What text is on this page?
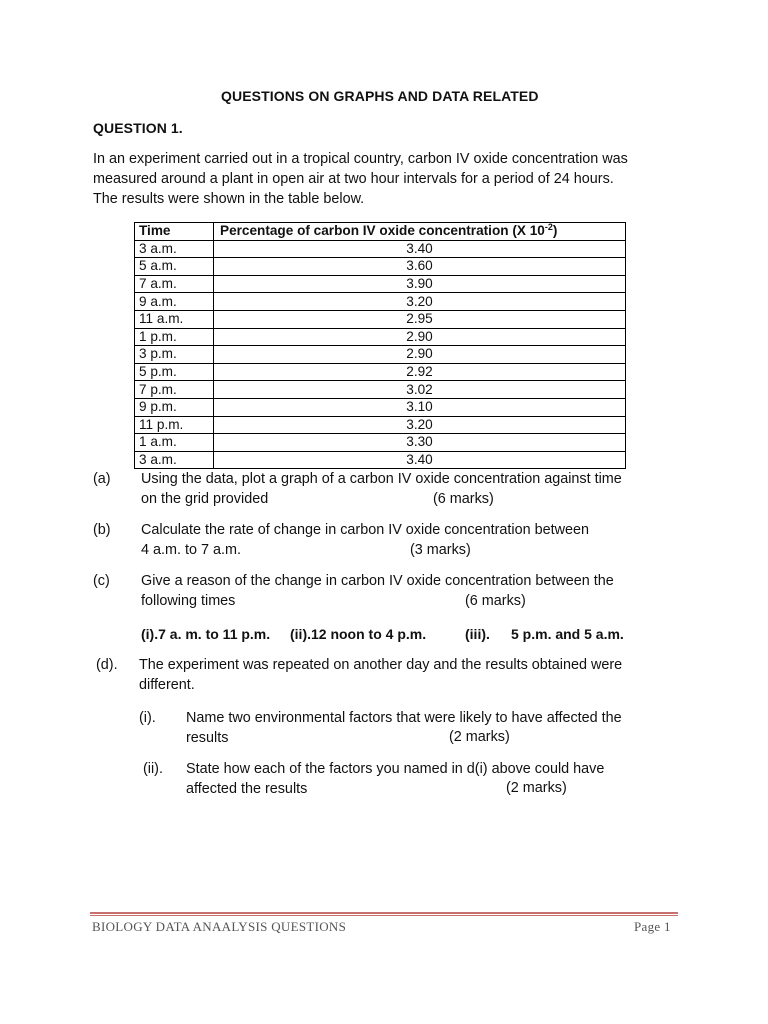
QUESTIONS ON GRAPHS AND DATA RELATED
QUESTION 1.
In an experiment carried out in a tropical country, carbon IV oxide concentration was
measured around a plant in open air at two hour intervals for a period of 24 hours.
The results were shown in the table below.
Time	Percentage of carbon IV oxide concentration (X $10^{-2}$)
3 a.m.	3.40
5 a.m.	3.60
7 a.m.	3.90
9 a.m.	3.20
11 a.m.	2.95
1 p.m.	2.90
3 p.m.	2.90
5 p.m.	2.92
7 p.m.	3.02
9 p.m.	3.10
11 p.m.	3.20
1 a.m.	3.30
3 a.m.	3.40
(a) Using the data, plot a graph of a carbon IV oxide concentration against time
on the grid provided	(6 marks)
(b) Calculate the rate of change in carbon IV oxide concentration between
4 a.m. to 7 a.m.	(3 marks)
(c) Give a reason of the change in carbon IV oxide concentration between the
following times	(6 marks)
(i).7 a. m. to 11 p.m. (ii).12 noon to 4 p.m.	(iii). 5 p.m. and 5 a.m.
(d). The experiment was repeated on another day and the results obtained were
different.
(i). Name two environmental factors that were likely to have affected the
results	(2 marks)
(ii). State how each of the factors you named in d(i) above could have
affected the results	(2 marks)
BIOLOGY DATA ANAALYSIS QUESTIONS	Page 1
